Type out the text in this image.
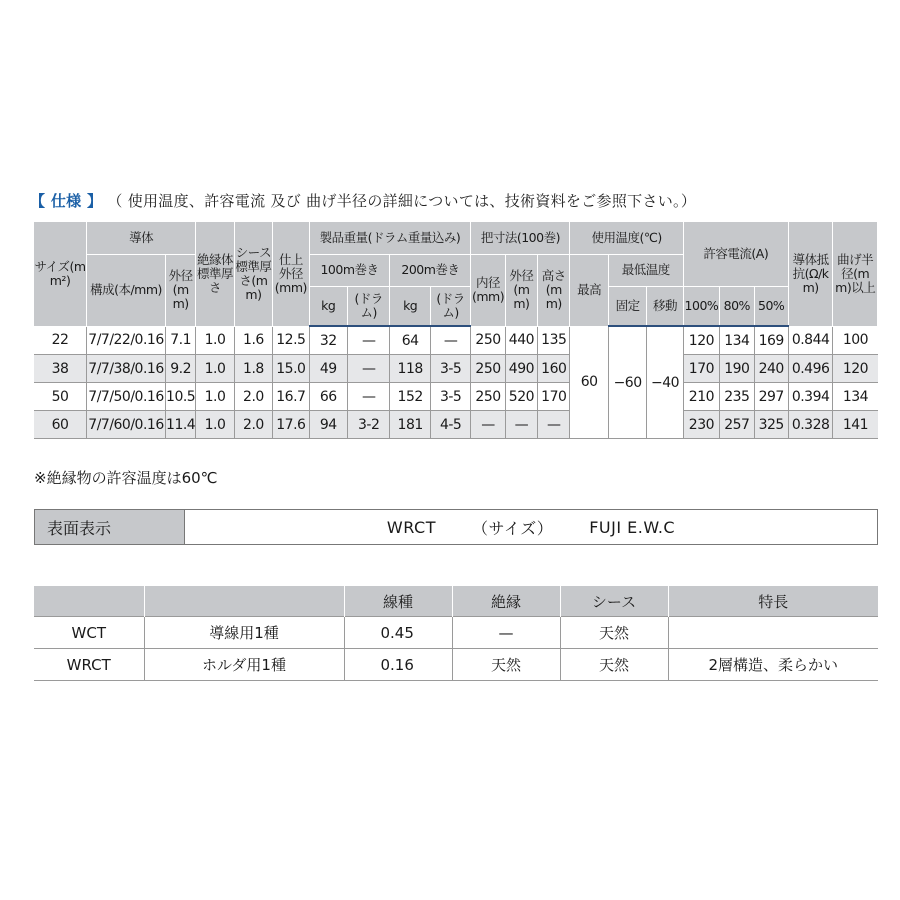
【 仕様 】 （ 使用温度、許容電流 及び 曲げ半径の詳細については、技術資料をご参照下さい。）
サイズ(mm²)	導体		絶縁体標準厚さ	シース標準厚さ(mm)	仕上外径(mm)	製品重量(ドラム重量込み)				把寸法(100巻)			使用温度(℃)			許容電流(A)			導体抵抗(Ω/km)	曲げ半径(mm)以上
	構成(本/mm)	外径(mm)				100m巻き		200m巻き		内径(mm)	外径(mm)	高さ(mm)	最高	最低温度						
						kg	(ドラム)	kg	(ドラム)					固定	移動	100%	80%	50%		
22	7/7/22/0.16	7.1	1.0	1.6	12.5	32	—	64	—	250	440	135	60	−60	−40	120	134	169	0.844	100
38	7/7/38/0.16	9.2	1.0	1.8	15.0	49	—	118	3-5	250	490	160				170	190	240	0.496	120
50	7/7/50/0.16	10.5	1.0	2.0	16.7	66	—	152	3-5	250	520	170				210	235	297	0.394	134
60	7/7/60/0.16	11.4	1.0	2.0	17.6	94	3-2	181	4-5	—	—	—				230	257	325	0.328	141
※絶縁物の許容温度は60℃
表面表示	WRCT （サイズ） FUJI E.W.C
		線種	絶縁	シース	特長
WCT	導線用1種	0.45	—	天然	
WRCT	ホルダ用1種	0.16	天然	天然	2層構造、柔らかい
